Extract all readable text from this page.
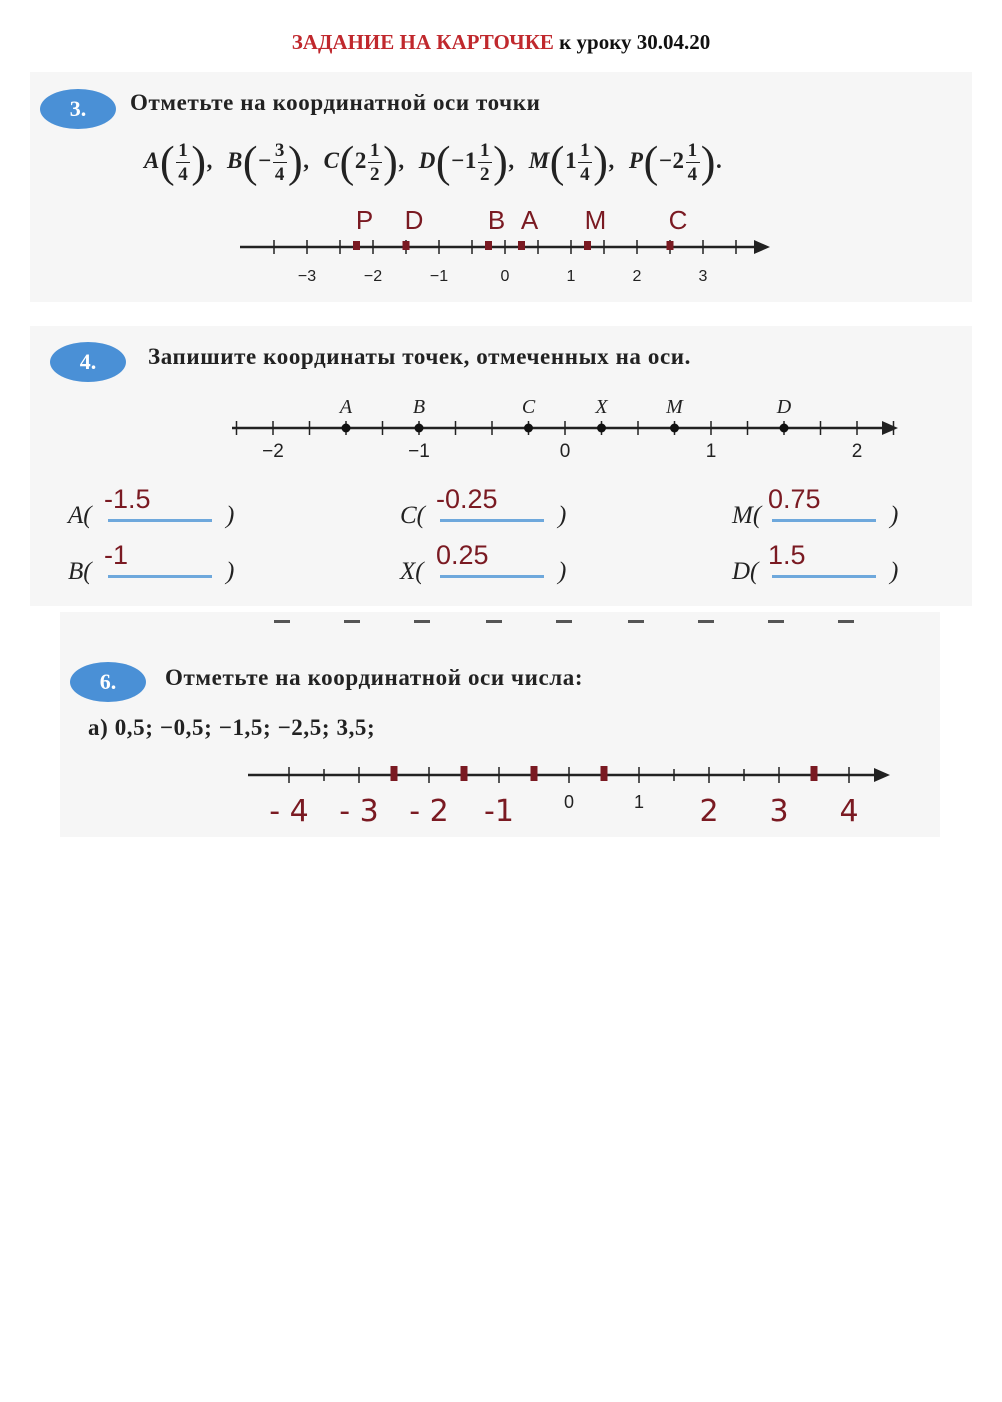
ЗАДАНИЕ НА КАРТОЧКЕ к уроку 30.04.20
3.	Отметьте на координатной оси точки $A( \frac{1}{4}$ ), $B(- \frac{3}{4}$ ), $C(2 \frac{1}{2}$ ), $D(-1 \frac{1}{2}$ ), $M(1 \frac{1}{4}$ ), $P(-2 \frac{1}{4}$ ).
−3	−2	−1	0	1	2	3
P D B A M C
4.	Запишите координаты точек, отмеченных на оси.
−2	−1	0	1	2
A	B	C	X	M	D
A(
-1.5
)
B(
-1
)
C(
-0.25
)
X(
0.25
)
M(
0.75
)
D(
1.5
)
6.	Отметьте на координатной оси числа:
а) 0,5; −0,5; −1,5; −2,5; 3,5;
0	1
- 4 - 3 - 2 -1	2 3 4
